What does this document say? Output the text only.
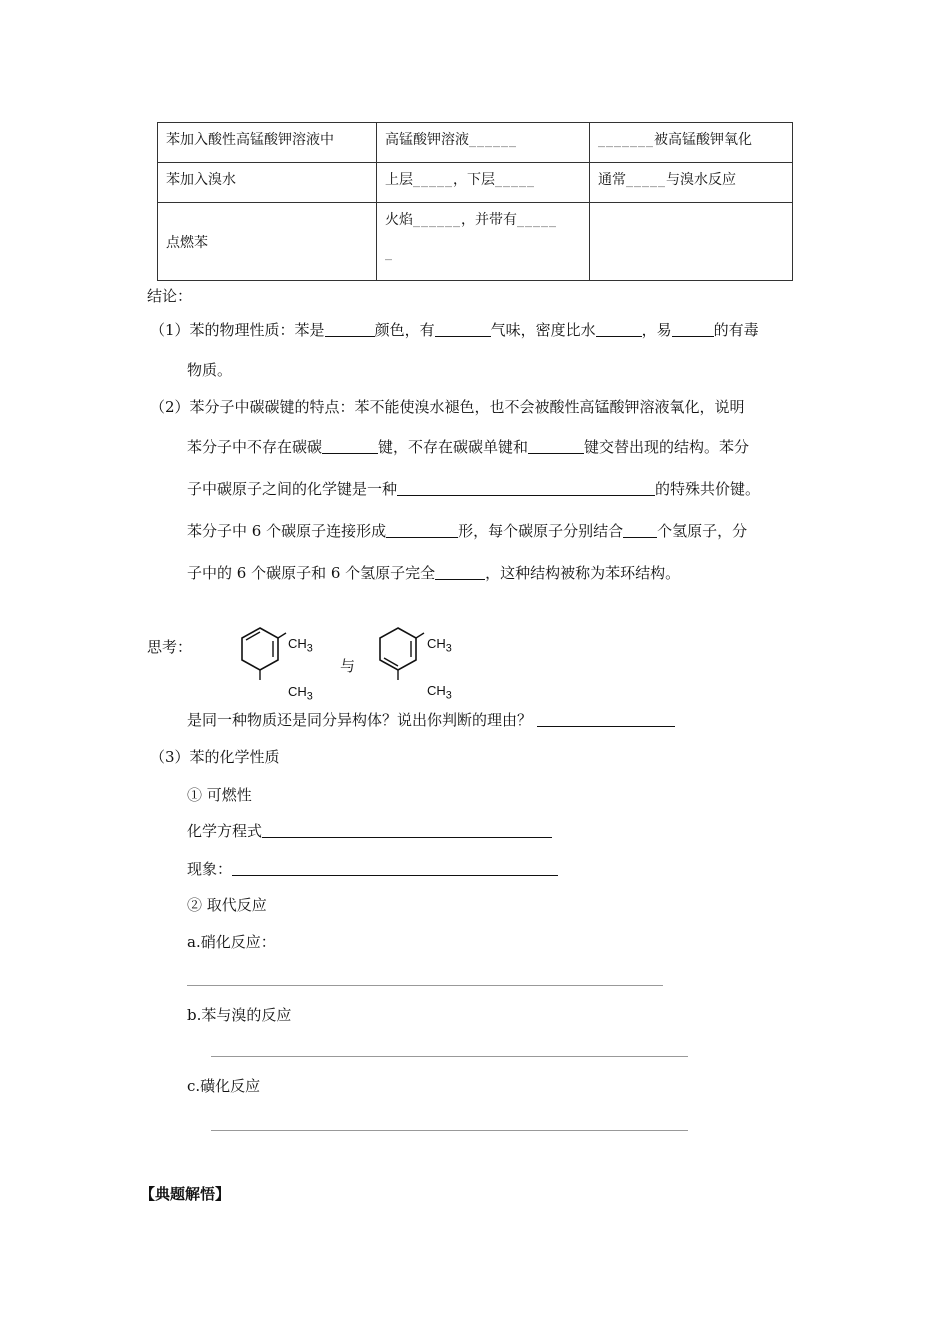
苯加入酸性高锰酸钾溶液中	高锰酸钾溶液______	_______被高锰酸钾氧化
苯加入溴水	上层_____，下层_____	通常_____与溴水反应
点燃苯	火焰______，并带有_____

_	
结论：
（1）苯的物理性质：苯是	颜色，有	气味，密度比水	，易	的有毒
物质。
（2）苯分子中碳碳键的特点：苯不能使溴水褪色，也不会被酸性高锰酸钾溶液氧化，说明
苯分子中不存在碳碳	键，不存在碳碳单键和	键交替出现的结构。苯分
子中碳原子之间的化学键是一种	的特殊共价键。
苯分子中 6 个碳原子连接形成	形，每个碳原子分别结合 个氢原子，分
子中的 6 个碳原子和 6 个氢原子完全	，这种结构被称为苯环结构。
思考：	$CH_3$
$CH_3$
与
$CH_3$
$CH_3$
是同一种物质还是同分异构体？说出你判断的理由？
（3）苯的化学性质
① 可燃性
化学方程式
现象：
② 取代反应
a.硝化反应：
b.苯与溴的反应
c.磺化反应
【典题解悟】
